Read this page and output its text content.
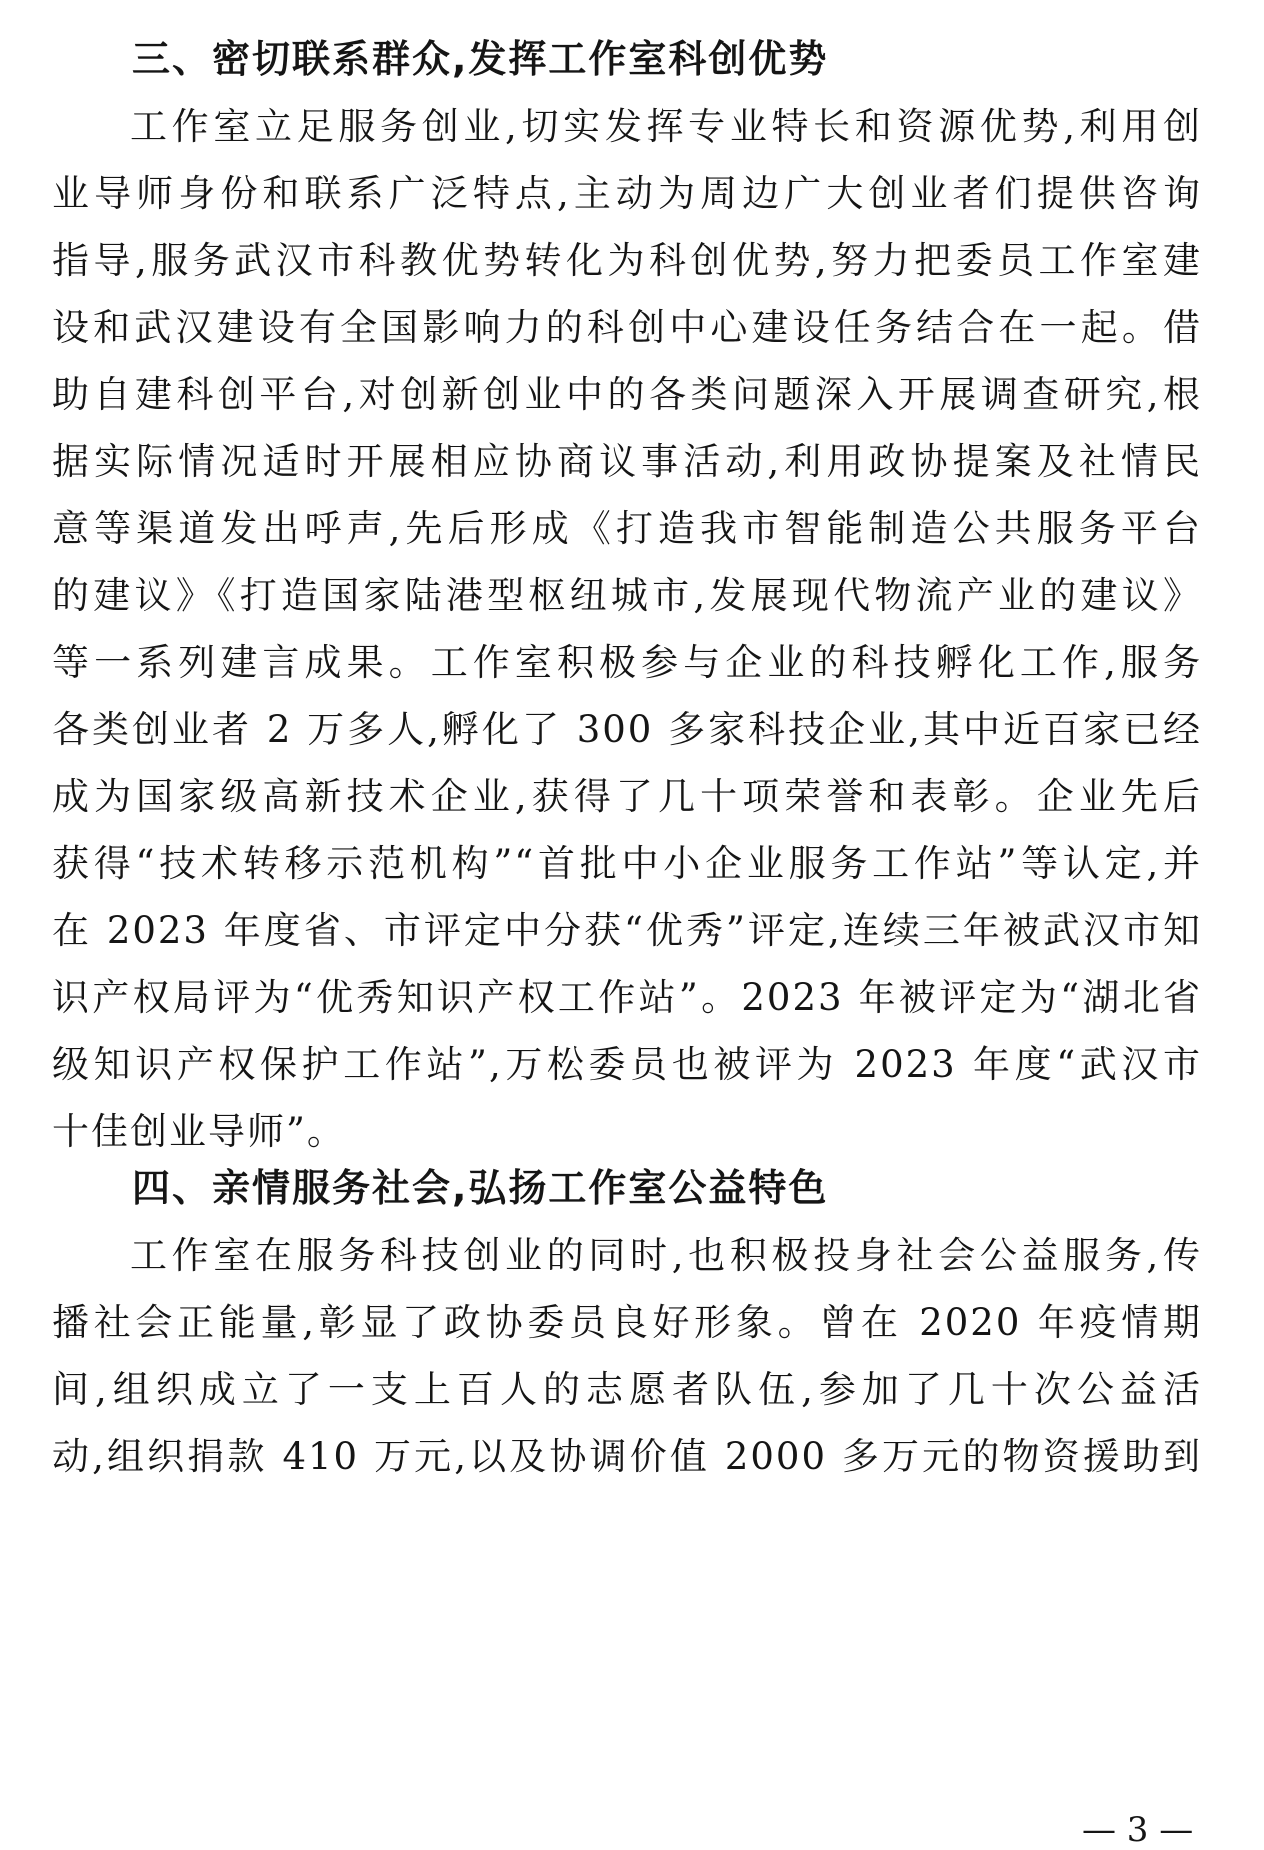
三、密切联系群众,发挥工作室科创优势
工作室立足服务创业,切实发挥专业特长和资源优势,利用创
业导师身份和联系广泛特点,主动为周边广大创业者们提供咨询
指导,服务武汉市科教优势转化为科创优势,努力把委员工作室建
设和武汉建设有全国影响力的科创中心建设任务结合在一起。借
助自建科创平台,对创新创业中的各类问题深入开展调查研究,根
据实际情况适时开展相应协商议事活动,利用政协提案及社情民
意等渠道发出呼声,先后形成《打造我市智能制造公共服务平台
的建议》《打造国家陆港型枢纽城市,发展现代物流产业的建议》
等一系列建言成果。工作室积极参与企业的科技孵化工作,服务
各类创业者 2 万多人,孵化了 300 多家科技企业,其中近百家已经
成为国家级高新技术企业,获得了几十项荣誉和表彰。企业先后
获得“技术转移示范机构”“首批中小企业服务工作站”等认定,并
在 2023 年度省、市评定中分获“优秀”评定,连续三年被武汉市知
识产权局评为“优秀知识产权工作站”。2023 年被评定为“湖北省
级知识产权保护工作站”,万松委员也被评为 2023 年度“武汉市
十佳创业导师”。
四、亲情服务社会,弘扬工作室公益特色
工作室在服务科技创业的同时,也积极投身社会公益服务,传
播社会正能量,彰显了政协委员良好形象。曾在 2020 年疫情期
间,组织成立了一支上百人的志愿者队伍,参加了几十次公益活
动,组织捐款 410 万元,以及协调价值 2000 多万元的物资援助到
— 3 —
